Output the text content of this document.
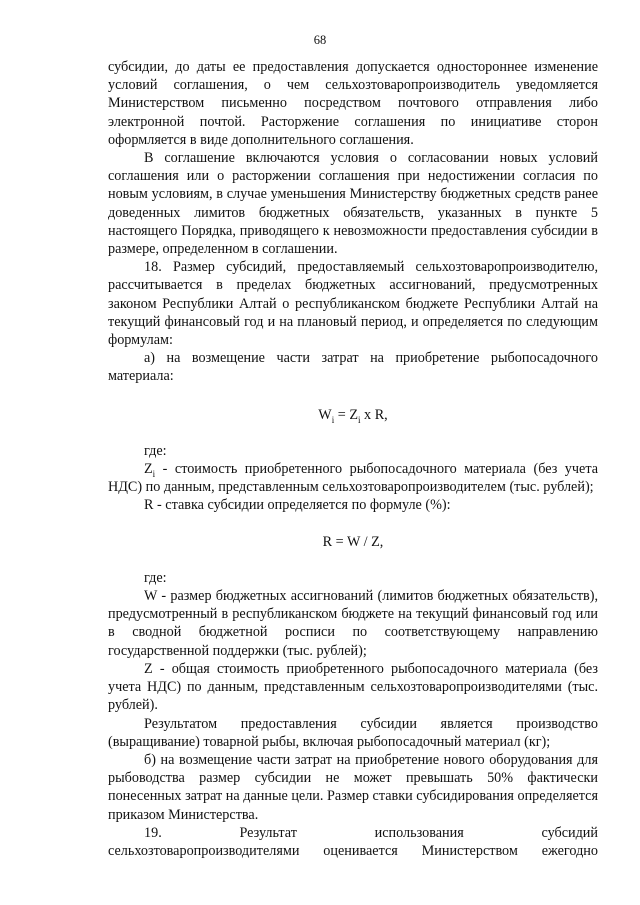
68

субсидии, до даты ее предоставления допускается одностороннее изменение условий соглашения, о чем сельхозтоваропроизводитель уведомляется Министерством письменно посредством почтового отправления либо электронной почтой. Расторжение соглашения по инициативе сторон оформляется в виде дополнительного соглашения.

В соглашение включаются условия о согласовании новых условий соглашения или о расторжении соглашения при недостижении согласия по новым условиям, в случае уменьшения Министерству бюджетных средств ранее доведенных лимитов бюджетных обязательств, указанных в пункте 5 настоящего Порядка, приводящего к невозможности предоставления субсидии в размере, определенном в соглашении.

18. Размер субсидий, предоставляемый сельхозтоваропроизводителю, рассчитывается в пределах бюджетных ассигнований, предусмотренных законом Республики Алтай о республиканском бюджете Республики Алтай на текущий финансовый год и на плановый период, и определяется по следующим формулам:

а) на возмещение части затрат на приобретение рыбопосадочного материала:

$W_i = Z_i$ x R,

где:

$Z_i$ - стоимость приобретенного рыбопосадочного материала (без учета НДС) по данным, представленным сельхозтоваропроизводителем (тыс. рублей);

R - ставка субсидии определяется по формуле (%):

R = W / Z,

где:

W - размер бюджетных ассигнований (лимитов бюджетных обязательств), предусмотренный в республиканском бюджете на текущий финансовый год или в сводной бюджетной росписи по соответствующему направлению государственной поддержки (тыс. рублей);

Z - общая стоимость приобретенного рыбопосадочного материала (без учета НДС) по данным, представленным сельхозтоваропроизводителями (тыс. рублей).

Результатом предоставления субсидии является производство (выращивание) товарной рыбы, включая рыбопосадочный материал (кг);

б) на возмещение части затрат на приобретение нового оборудования для рыбоводства размер субсидии не может превышать 50% фактически понесенных затрат на данные цели. Размер ставки субсидирования определяется приказом Министерства.

19. Результат использования субсидий

сельхозтоваропроизводителями оценивается Министерством ежегодно
